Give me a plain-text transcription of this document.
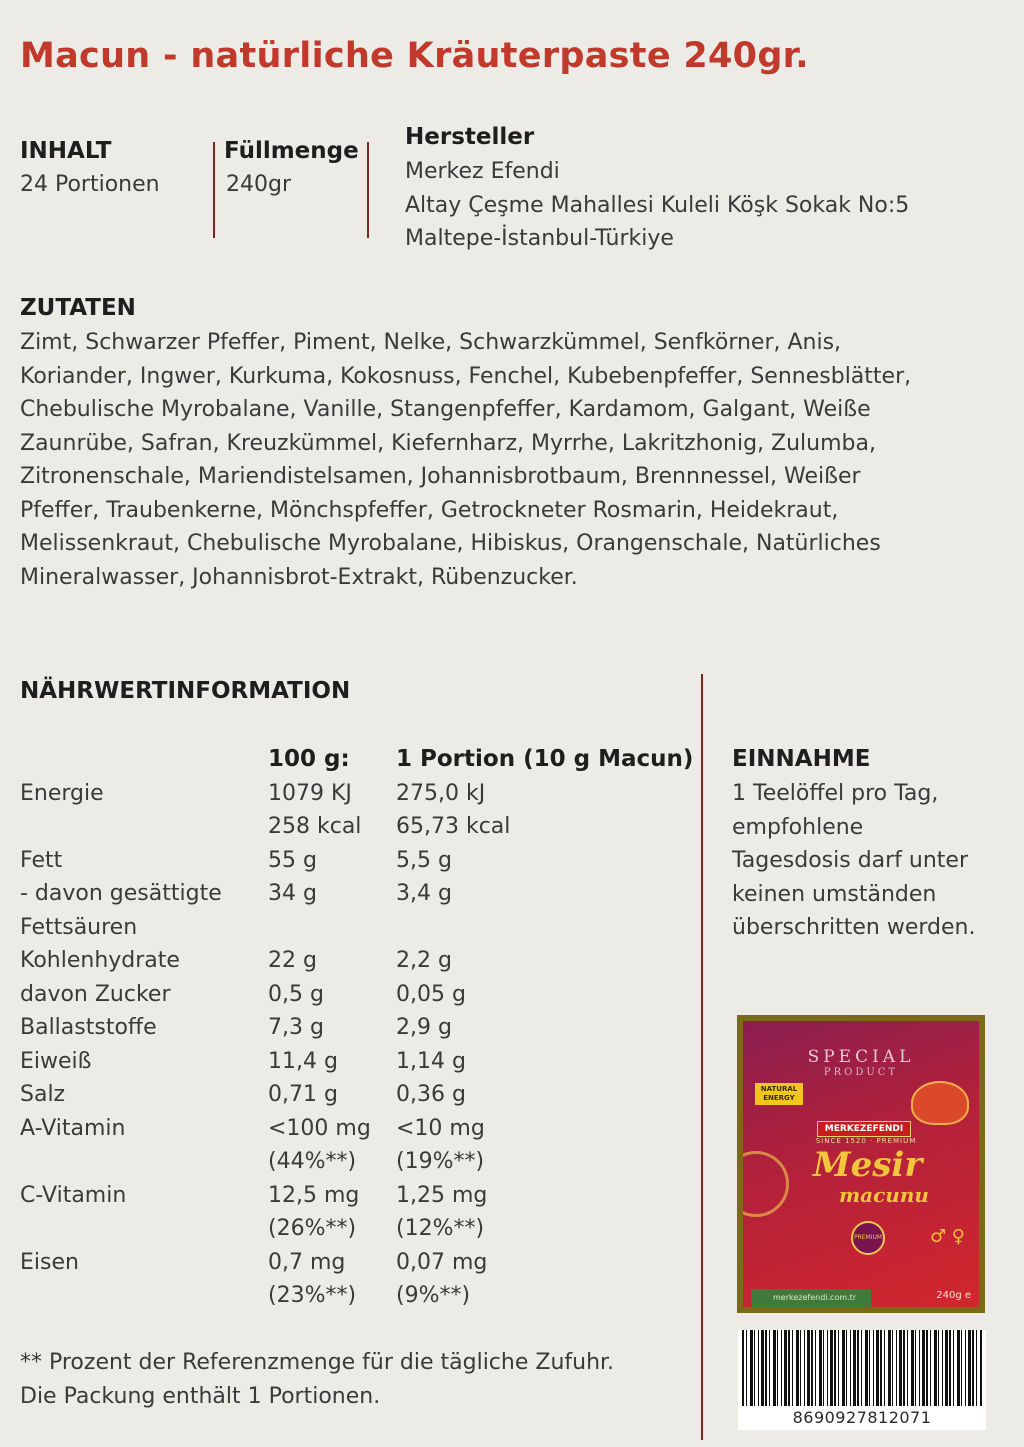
Macun - natürliche Kräuterpaste 240gr.
INHALT
24 Portionen
Füllmenge
240gr
Hersteller
Merkez Efendi
Altay Çeşme Mahallesi Kuleli Köşk Sokak No:5
Maltepe-İstanbul-Türkiye
ZUTATEN
Zimt, Schwarzer Pfeffer, Piment, Nelke, Schwarzkümmel, Senfkörner, Anis,
Koriander, Ingwer, Kurkuma, Kokosnuss, Fenchel, Kubebenpfeffer, Sennesblätter,
Chebulische Myrobalane, Vanille, Stangenpfeffer, Kardamom, Galgant, Weiße
Zaunrübe, Safran, Kreuzkümmel, Kiefernharz, Myrrhe, Lakritzhonig, Zulumba,
Zitronenschale, Mariendistelsamen, Johannisbrotbaum, Brennnessel, Weißer
Pfeffer, Traubenkerne, Mönchspfeffer, Getrockneter Rosmarin, Heidekraut,
Melissenkraut, Chebulische Myrobalane, Hibiskus, Orangenschale, Natürliches
Mineralwasser, Johannisbrot-Extrakt, Rübenzucker.
NÄHRWERTINFORMATION
100 g: 1 Portion (10 g Macun)
Energie	1079 KJ 275,0 kJ
258 kcal 65,73 kcal
Fett	55 g	5,5 g
- davon gesättigte 34 g	3,4 g
Fettsäuren
Kohlenhydrate	22 g	2,2 g
davon Zucker	0,5 g	0,05 g
Ballaststoffe	7,3 g	2,9 g
Eiweiß	11,4 g	1,14 g
Salz	0,71 g	0,36 g
A-Vitamin	<100 mg <10 mg
(44%**) (19%**)
C-Vitamin	12,5 mg 1,25 mg
(26%**) (12%**)
Eisen	0,7 mg 0,07 mg
(23%**) (9%**)
** Prozent der Referenzmenge für die tägliche Zufuhr.
Die Packung enthält 1 Portionen.
EINNAHME
1 Teelöffel pro Tag,
empfohlene
Tagesdosis darf unter
keinen umständen
überschritten werden.
SPECIAL
PRODUCT
NATURAL ENERGY
MERKEZEFENDI
SINCE 1520 · PREMIUM
Mesir
macunu
PREMIUM	♂ ♀
merkezefendi.com.tr	240g e
8690927812071
